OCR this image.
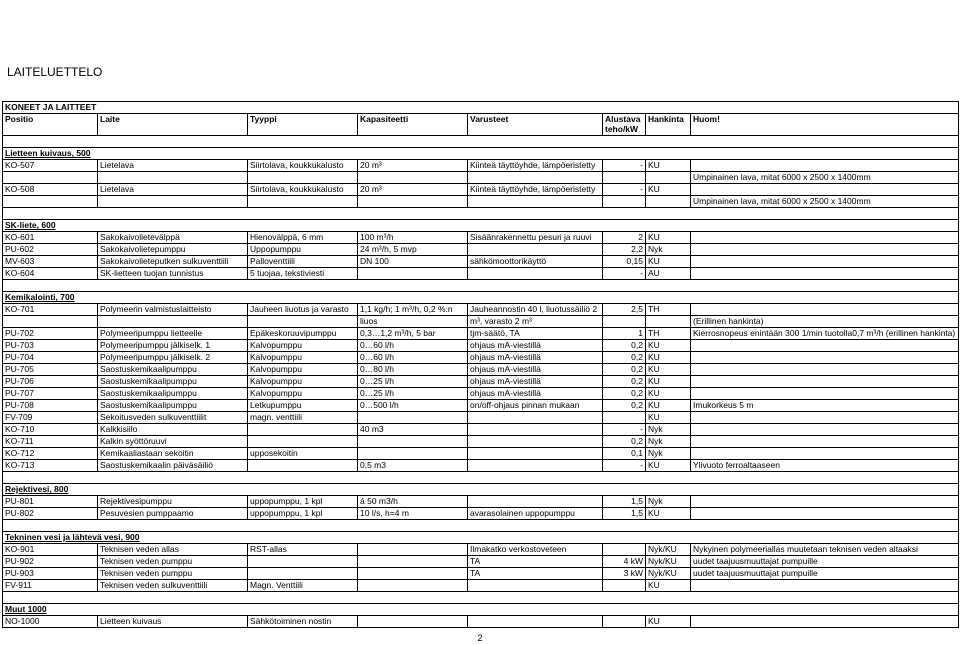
Suomussalmen kunta
PITÄMÄN JÄTEVEDENPUHDISTAMON SANEERAUS
Kiuru Rautiainen Oy
31.12.2011
LAITELUETTELO
KONEET JA LAITTEET							
Positio	Laite	Tyyppi	Kapasiteetti	Varusteet	Alustava teho/kW	Hankinta	Huom!

Lietteen kuivaus, 500							
KO-507	Lietelava	Siirtolava, koukkukalusto	20 m³	Kiinteä täyttöyhde, lämpöeristetty	-	KU	
							Umpinainen lava, mitat 6000 x 2500 x 1400mm
KO-508	Lietelava	Siirtolava, koukkukalusto	20 m³	Kiinteä täyttöyhde, lämpöeristetty	-	KU	
							Umpinainen lava, mitat 6000 x 2500 x 1400mm

SK-liete, 600							
KO-601	Sakokaivolietevälppä	Hienovälppä, 6 mm	100 m³/h	Sisäänrakennettu pesuri ja ruuvi	2	KU	
PU-602	Sakokaivolietepumppu	Uppopumppu	24 m³/h, 5 mvp		2,2	Nyk	
MV-603	Sakokaivolieteputken sulkuventtiili	Palloventtiili	DN 100	sähkömoottorikäyttö	0,15	KU	
KO-604	SK-lietteen tuojan tunnistus	5 tuojaa, tekstiviesti			-	AU	

Kemikalointi, 700							
KO-701	Polymeerin valmistuslaitteisto	Jauheen liuotus ja varasto	1,1 kg/h; 1 m³/h, 0,2 %:n	Jauheannostin 40 l, liuotussäiliö 2	2,5	TH	
			liuos	m³, varasto 2 m³			(Erillinen hankinta)
PU-702	Polymeeripumppu lietteelle	Epäkeskoruuvipumppu	0,3…1,2 m³/h, 5 bar	tjm-säätö, TA	1	TH	Kierrosnopeus enintään 300 1/min tuotolla0,7 m³/h (erillinen hankinta)
PU-703	Polymeeripumppu jälkiselk. 1	Kalvopumppu	0…60 l/h	ohjaus mA-viestillä	0,2	KU	
PU-704	Polymeeripumppu jälkiselk. 2	Kalvopumppu	0…60 l/h	ohjaus mA-viestillä	0,2	KU	
PU-705	Saostuskemikaalipumppu	Kalvopumppu	0…80 l/h	ohjaus mA-viestillä	0,2	KU	
PU-706	Saostuskemikaalipumppu	Kalvopumppu	0…25 l/h	ohjaus mA-viestillä	0,2	KU	
PU-707	Saostuskemikaalipumppu	Kalvopumppu	0…25 l/h	ohjaus mA-viestillä	0,2	KU	
PU-708	Saostuskemikaalipumppu	Letkupumppu	0…500 l/h	on/off-ohjaus pinnan mukaan	0,2	KU	Imukorkeus 5 m
FV-709	Sekoitusveden sulkuventtiilit	magn. venttiili				KU	
KO-710	Kalkkisiilo		40 m3		-	Nyk	
KO-711	Kalkin syöttöruuvi				0,2	Nyk	
KO-712	Kemikaaliastaan sekoitin	upposekoitin			0,1	Nyk	
KO-713	Saostuskemikaalin päiväsäiliö		0,5 m3		-	KU	Ylivuoto ferroaltaaseen

Rejektivesi, 800							
PU-801	Rejektivesipumppu	uppopumppu, 1 kpl	á 50 m3/h		1,5	Nyk	
PU-802	Pesuvesien pumppaamo	uppopumppu, 1 kpl	10 l/s, h=4 m	avarasolainen uppopumppu	1,5	KU	

Tekninen vesi ja lähtevä vesi, 900							
KO-901	Teknisen veden allas	RST-allas		Ilmakatko verkostoveteen		Nyk/KU	Nykyinen polymeeriallas muutetaan teknisen veden altaaksi
PU-902	Teknisen veden pumppu			TA	4 kW	Nyk/KU	uudet taajuusmuuttajat pumpuille
PU-903	Teknisen veden pumppu			TA	3 kW	Nyk/KU	uudet taajuusmuuttajat pumpuille
FV-911	Teknisen veden sulkuventtiili	Magn. Venttiili				KU	

Muut 1000							
NO-1000	Lietteen kuivaus	Sähkötoiminen nostin				KU	
2
